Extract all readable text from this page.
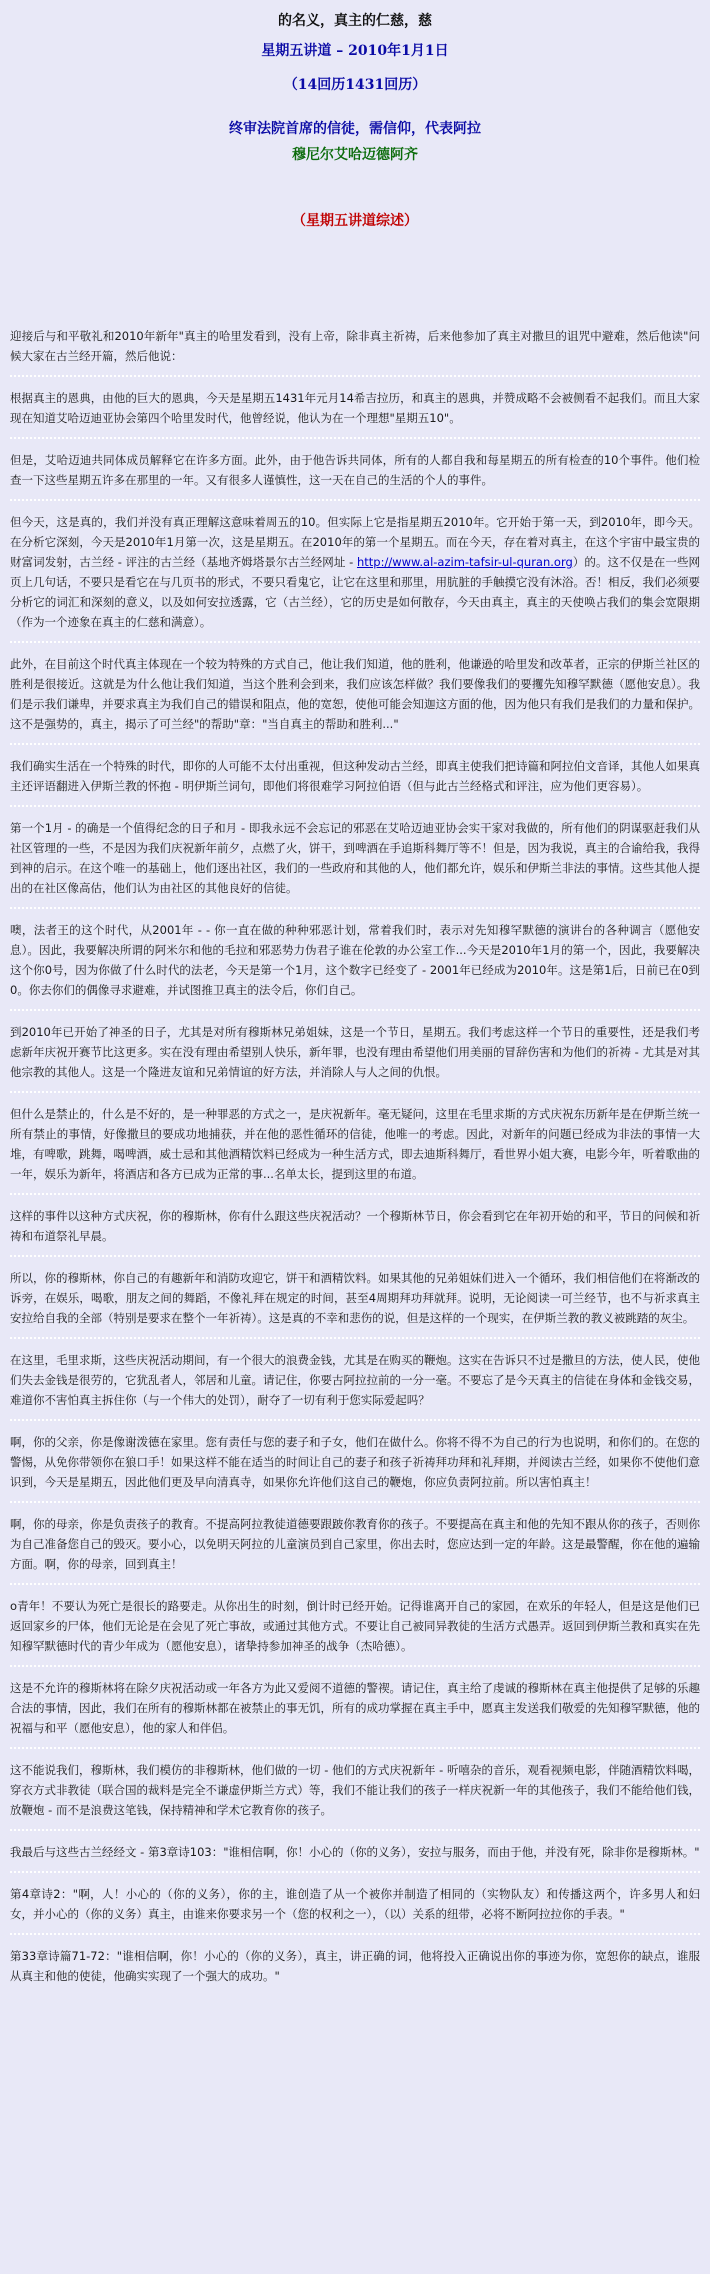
的名义，真主的仁慈，慈
星期五讲道 – 2010年1月1日
（14回历1431回历）
终审法院首席的信徒，需信仰，代表阿拉
穆尼尔艾哈迈德阿齐
（星期五讲道综述）

迎接后与和平敬礼和2010年新年"真主的哈里发看到，没有上帝，除非真主祈祷，后来他参加了真主对撒旦的诅咒中避难，然后他读"问候大家在古兰经开篇，然后他说：

根据真主的恩典，由他的巨大的恩典，今天是星期五1431年元月14希吉拉历，和真主的恩典，并赞成略不会被侧看不起我们。而且大家现在知道艾哈迈迪亚协会第四个哈里发时代，他曾经说，他认为在一个理想"星期五10"。

但是，艾哈迈迪共同体成员解释它在许多方面。此外，由于他告诉共同体，所有的人都自我和每星期五的所有检查的10个事件。他们检查一下这些星期五许多在那里的一年。又有很多人谨慎性，这一天在自己的生活的个人的事件。

但今天，这是真的，我们并没有真正理解这意味着周五的10。但实际上它是指星期五2010年。它开始于第一天，到2010年，即今天。在分析它深刻，今天是2010年1月第一次，这是星期五。在2010年的第一个星期五。而在今天，存在着对真主，在这个宇宙中最宝贵的财富词发射，古兰经 - 评注的古兰经（基地齐姆塔景尔古兰经网址 - http://www.al-azim-tafsir-ul-quran.org）的。这不仅是在一些网页上几句话，不要只是看它在与几页书的形式，不要只看鬼它，让它在这里和那里，用肮脏的手触摸它没有沐浴。否！相反，我们必须要分析它的词汇和深刻的意义，以及如何安拉透露，它（古兰经），它的历史是如何散存，今天由真主，真主的天使唤占我们的集会宽限期（作为一个迹象在真主的仁慈和满意）。

此外，在目前这个时代真主体现在一个较为特殊的方式自己，他让我们知道，他的胜利，他谦逊的哈里发和改革者，正宗的伊斯兰社区的胜利是很接近。这就是为什么他让我们知道，当这个胜利会到来，我们应该怎样做？我们要像我们的要攫先知穆罕默德（愿他安息）。我们是示我们谦卑，并要求真主为我们自己的错误和阻点，他的宽恕，使他可能会知迦这方面的他，因为他只有我们是我们的力量和保护。这不是强势的，真主，揭示了可兰经"的帮助"章："当自真主的帮助和胜利..."

我们确实生活在一个特殊的时代，即你的人可能不太付出重视，但这种发动古兰经，即真主使我们把诗篇和阿拉伯文音译，其他人如果真主还评语翻进入伊斯兰教的怀抱 - 明伊斯兰词句，即他们将很难学习阿拉伯语（但与此古兰经格式和评注，应为他们更容易）。

第一个1月 - 的确是一个值得纪念的日子和月 - 即我永远不会忘记的邪恶在艾哈迈迪亚协会实干家对我做的，所有他们的阴谋驱赶我们从社区管理的一些，不是因为我们庆祝新年前夕，点燃了火，饼干，到啤酒在手追斯科舞厅等不！但是，因为我说，真主的合谕给我，我得到神的启示。在这个唯一的基础上，他们逐出社区，我们的一些政府和其他的人，他们都允许，娱乐和伊斯兰非法的事情。这些其他人提出的在社区像高估，他们认为由社区的其他良好的信徒。

噢，法者王的这个时代，从2001年 - - 你一直在做的种种邪恶计划，常着我们时，表示对先知穆罕默德的演讲台的各种调言（愿他安息）。因此，我要解决所谓的阿米尔和他的毛拉和邪恶势力伪君子谁在伦敦的办公室工作...今天是2010年1月的第一个，因此，我要解决这个你0号，因为你做了什么时代的法老，今天是第一个1月，这个数字已经变了 - 2001年已经成为2010年。这是第1后，日前已在0到0。你去你们的偶像寻求避难，并试图推卫真主的法令后，你们自己。

到2010年已开始了神圣的日子，尤其是对所有穆斯林兄弟姐妹，这是一个节日，星期五。我们考虑这样一个节日的重要性，还是我们考虑新年庆祝开赛节比这更多。实在没有理由希望别人快乐，新年罪，也没有理由希望他们用美丽的冒辞伤害和为他们的祈祷 - 尤其是对其他宗教的其他人。这是一个隆进友谊和兄弟情谊的好方法，并消除人与人之间的仇恨。

但什么是禁止的，什么是不好的，是一种罪恶的方式之一，是庆祝新年。毫无疑问，这里在毛里求斯的方式庆祝东历新年是在伊斯兰统一所有禁止的事情，好像撒旦的要成功地捕获，并在他的恶性循环的信徒，他唯一的考虑。因此，对新年的问题已经成为非法的事情一大堆，有啤歌，跳舞，喝啤酒，威士忌和其他酒精饮料已经成为一种生活方式，即去迪斯科舞厅，看世界小姐大赛，电影今年，听着歌曲的一年，娱乐为新年，将酒店和各方已成为正常的事...名单太长，提到这里的布道。

这样的事件以这种方式庆祝，你的穆斯林，你有什么跟这些庆祝活动？一个穆斯林节日，你会看到它在年初开始的和平，节日的问候和祈祷和布道祭礼早晨。

所以，你的穆斯林，你自己的有趣新年和消防攻迎它，饼干和酒精饮料。如果其他的兄弟姐妹们进入一个循环，我们相信他们在将渐改的诉旁，在娱乐，喝歌，朋友之间的舞蹈，不像礼拜在规定的时间，甚至4周期拜功拜就拜。说明，无论阅读一可兰经节，也不与祈求真主安拉给自我的全部（特别是要求在整个一年祈祷）。这是真的不幸和悲伤的说，但是这样的一个现实，在伊斯兰教的教义被跳踏的灰尘。

在这里，毛里求斯，这些庆祝活动期间，有一个很大的浪费金钱，尤其是在购买的鞭炮。这实在告诉只不过是撒旦的方法，使人民，使他们失去金钱是很劳的，它犹乱者人，邻居和儿童。请记住，你要古阿拉拉前的一分一毫。不要忘了是今天真主的信徒在身体和金钱交易，难道你不害怕真主拆住你（与一个伟大的处罚），耐夺了一切有利于您实际爱起吗？

啊，你的父亲，你是像谢泼德在家里。您有责任与您的妻子和子女，他们在做什么。你将不得不为自己的行为也说明，和你们的。在您的警惕，从免你带领你在狼口手！如果这样不能在适当的时间让自己的妻子和孩子祈祷拜功拜和礼拜期，并阅读古兰经，如果你不使他们意识到，今天是星期五，因此他们更及早向清真寺，如果你允许他们这自己的鞭炮，你应负责阿拉前。所以害怕真主！

啊，你的母亲，你是负责孩子的教育。不提高阿拉教徒道德要跟跛你教育你的孩子。不要提高在真主和他的先知不跟从你的孩子，否则你为自己准备您自己的毁灭。要小心，以免明天阿拉的儿童演员到自己家里，你出去时，您应达到一定的年龄。这是最警醒，你在他的遍输方面。啊，你的母亲，回到真主！

o青年！不要认为死亡是很长的路要走。从你出生的时刻，倒计时已经开始。记得谁离开自己的家园，在欢乐的年轻人，但是这是他们已返回家乡的尸体，他们无论是在会见了死亡事故，或通过其他方式。不要让自己被同异教徒的生活方式愚弄。返回到伊斯兰教和真实在先知穆罕默德时代的青少年成为（愿他安息），诸挚持参加神圣的战争（杰哈德）。

这是不允许的穆斯林将在除夕庆祝活动或一年各方为此又爱阅不道德的警禊。请记住，真主给了虔诚的穆斯林在真主他提供了足够的乐趣合法的事情，因此，我们在所有的穆斯林都在被禁止的事无饥，所有的成功掌握在真主手中，愿真主发送我们敬爱的先知穆罕默德，他的祝福与和平（愿他安息），他的家人和伴侣。

这不能说我们，穆斯林，我们模仿的非穆斯林，他们做的一切 - 他们的方式庆祝新年 - 听嘻杂的音乐，观看视频电影，伴随酒精饮料喝，穿衣方式非教徒（联合国的裁料是完全不谦虚伊斯兰方式）等，我们不能让我们的孩子一样庆祝新一年的其他孩子，我们不能给他们钱，放鞭炮 - 而不是浪费这笔钱，保持精神和学术它教育你的孩子。

我最后与这些古兰经经文 - 第3章诗103："谁相信啊，你！小心的（你的义务），安拉与服务，而由于他，并没有死，除非你是穆斯林。"

第4章诗2："啊，人！小心的（你的义务），你的主，谁创造了从一个被你并制造了相同的（实物队友）和传播这两个，许多男人和妇女，并小心的（你的义务）真主，由谁来你要求另一个（您的权利之一），（以）关系的纽带，必将不断阿拉拉你的手表。"

第33章诗篇71-72："谁相信啊，你！小心的（你的义务），真主，讲正确的词，他将投入正确说出你的事迹为你，宽恕你的缺点，谁服从真主和他的使徒，他确实实现了一个强大的成功。"
